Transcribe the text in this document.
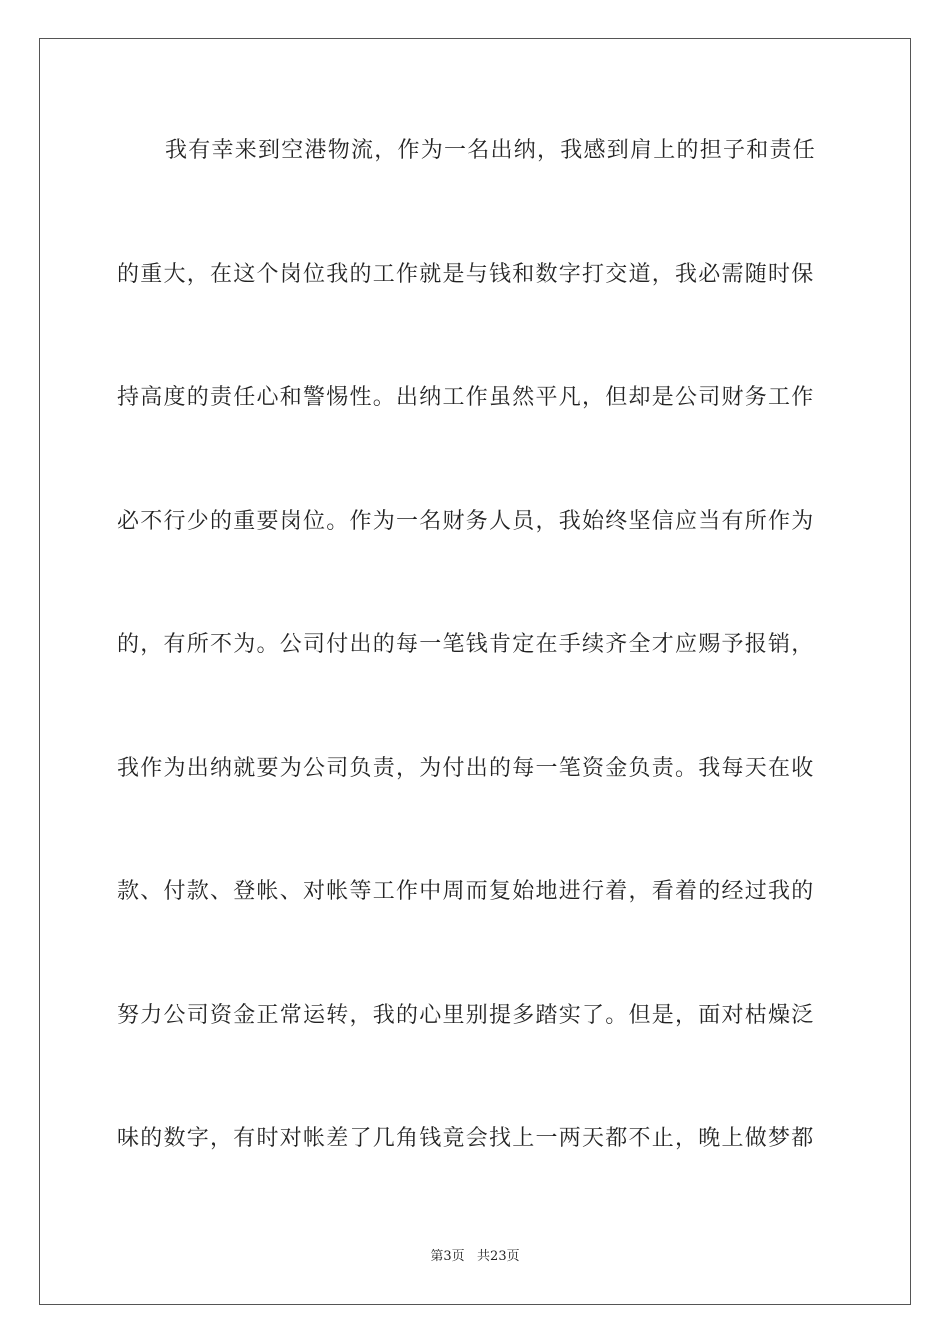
我有幸来到空港物流，作为一名出纳，我感到肩上的担子和责任
的重大，在这个岗位我的工作就是与钱和数字打交道，我必需随时保
持高度的责任心和警惕性。出纳工作虽然平凡，但却是公司财务工作
必不行少的重要岗位。作为一名财务人员，我始终坚信应当有所作为
的，有所不为。公司付出的每一笔钱肯定在手续齐全才应赐予报销，
我作为出纳就要为公司负责，为付出的每一笔资金负责。我每天在收
款、付款、登帐、对帐等工作中周而复始地进行着，看着的经过我的
努力公司资金正常运转，我的心里别提多踏实了。但是，面对枯燥泛
味的数字，有时对帐差了几角钱竟会找上一两天都不止，晚上做梦都
第3页   共23页
